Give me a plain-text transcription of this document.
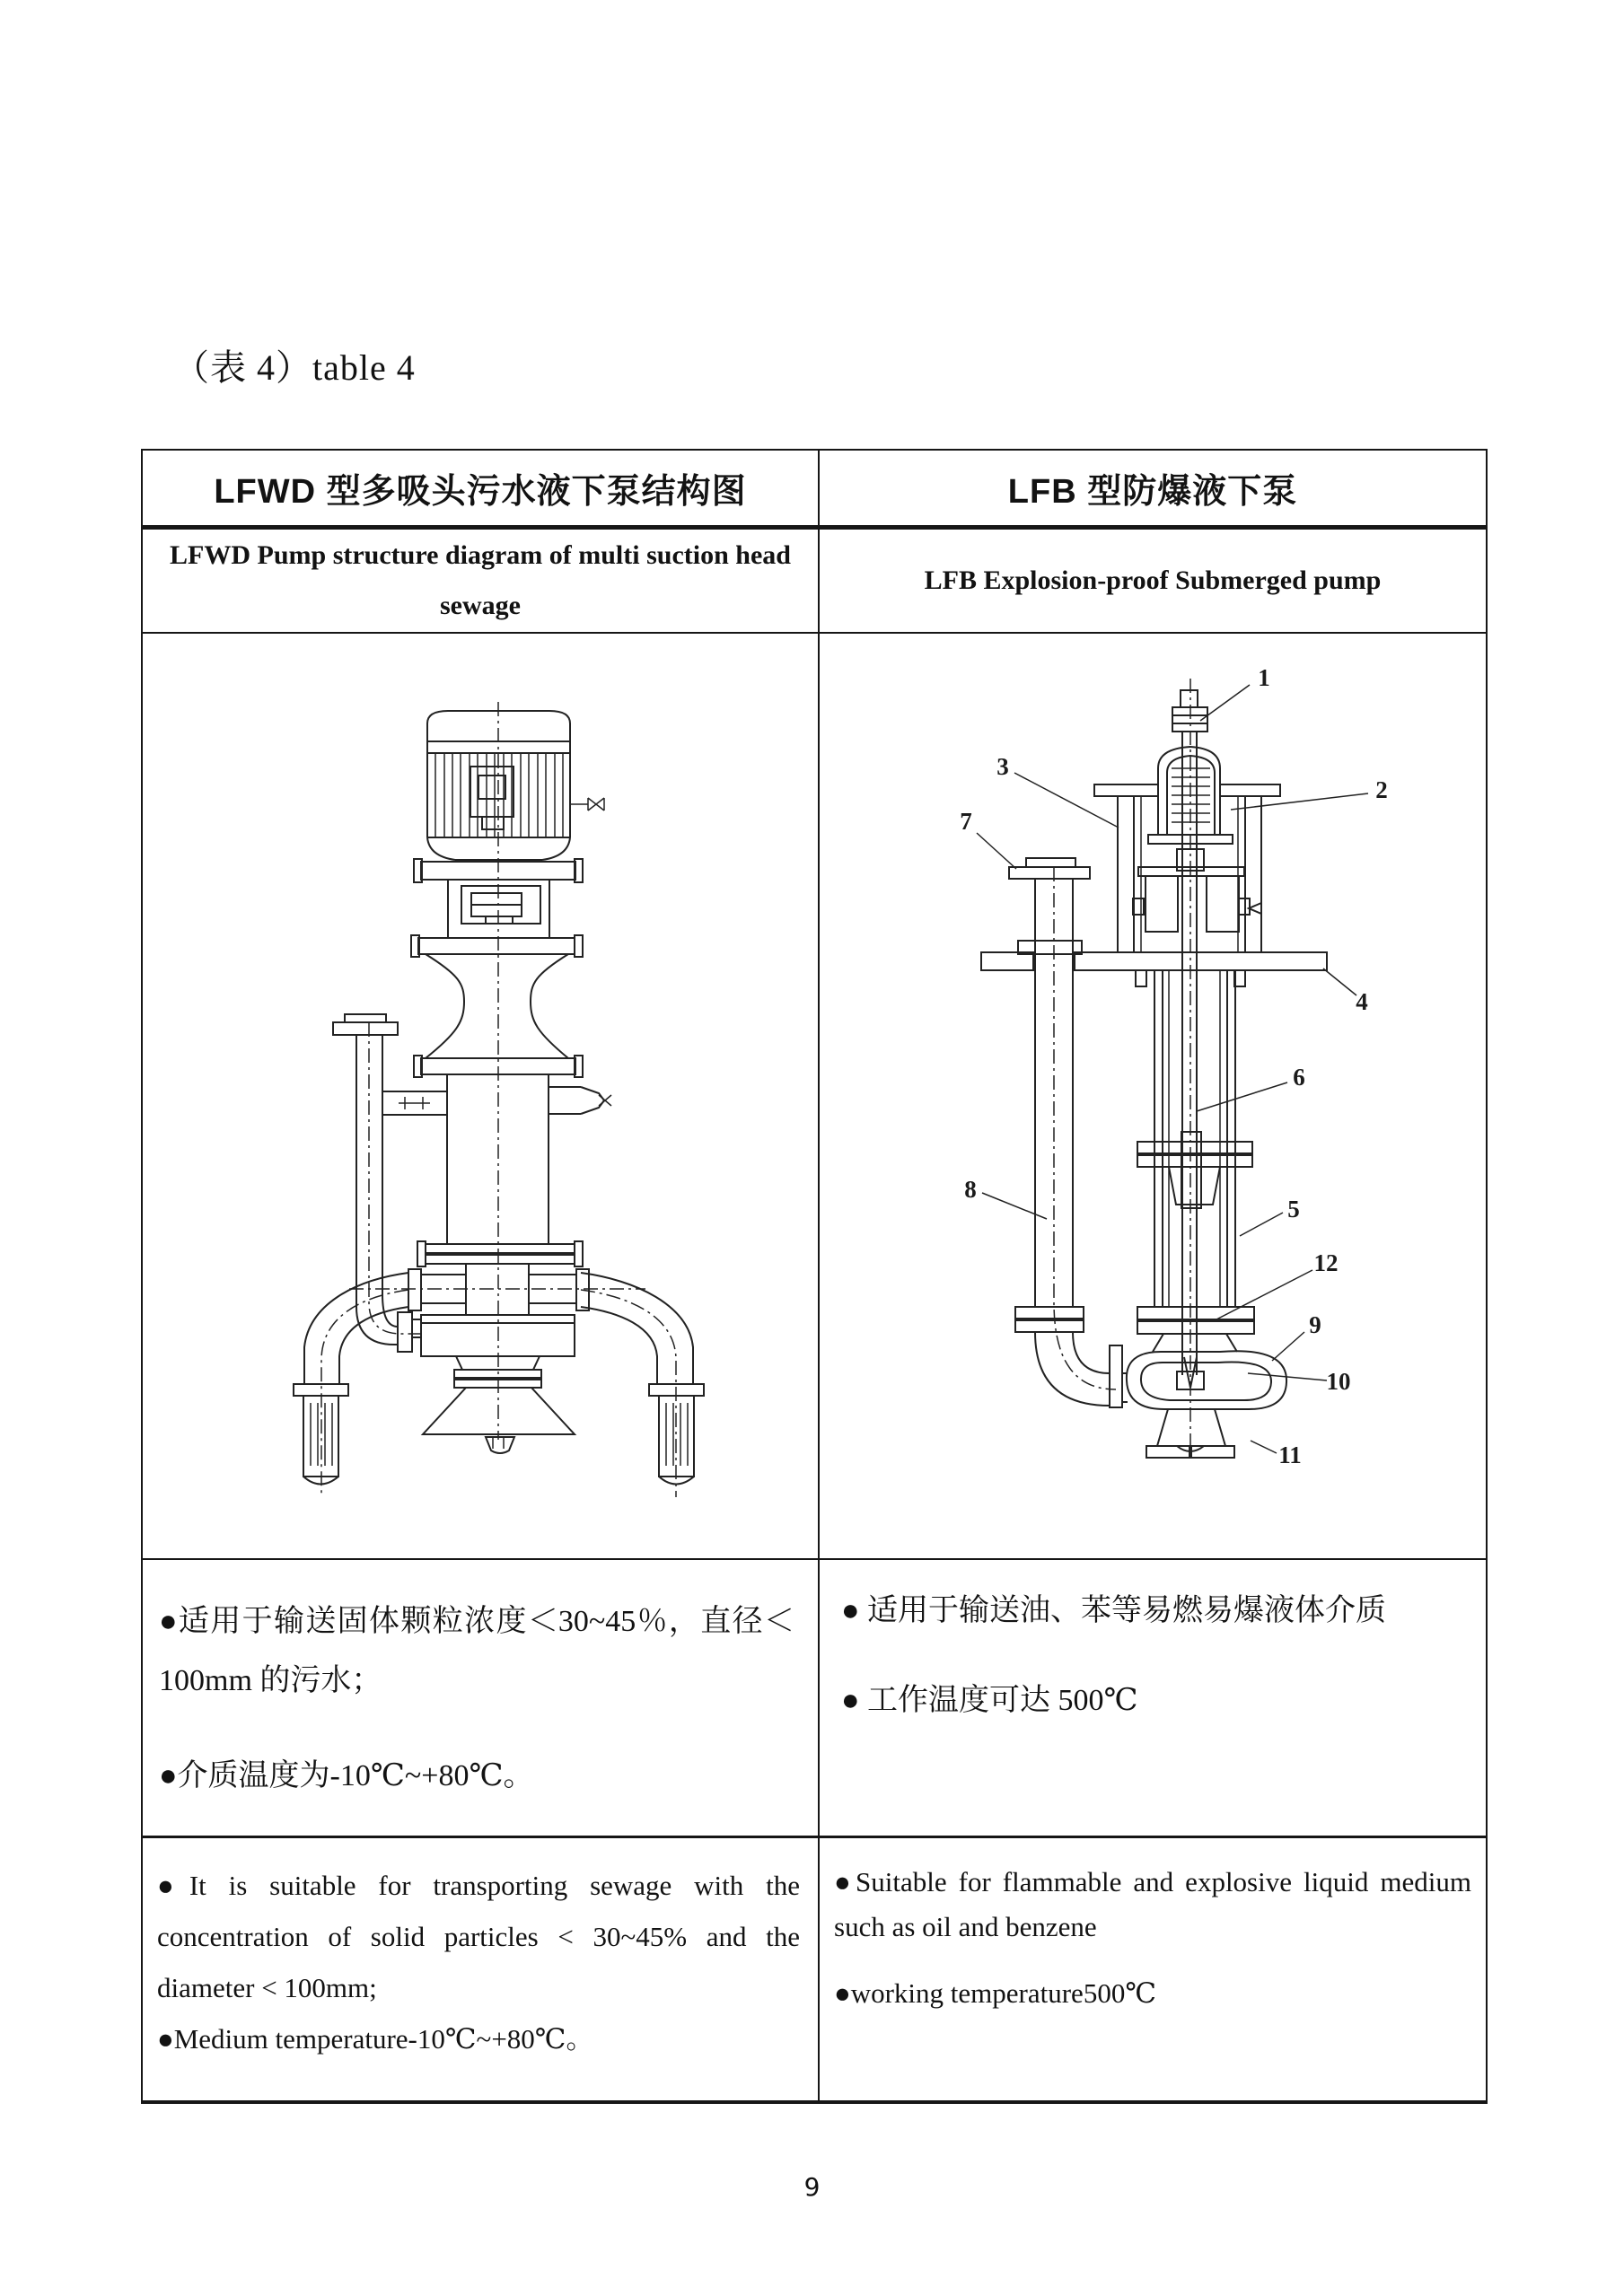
（表 4）table 4
LFWD 型多吸头污水液下泵结构图	LFB 型防爆液下泵
LFWD Pump structure diagram of multi suction head
sewage
LFB Explosion-proof Submerged pump
1
2
3
4
5
6
7
8
9
10
11
12
●适用于输送固体颗粒浓度＜30~45％，直径＜
100mm 的污水；
●介质温度为-10℃~+80℃。
● 适用于输送油、苯等易燃易爆液体介质
● 工作温度可达 500℃
●It is suitable for transporting sewage with the
concentration of solid particles < 30~45% and the
diameter < 100mm;
●Medium temperature-10℃~+80℃。
●Suitable for flammable and explosive liquid medium
such as oil and benzene
●working temperature500℃
9
